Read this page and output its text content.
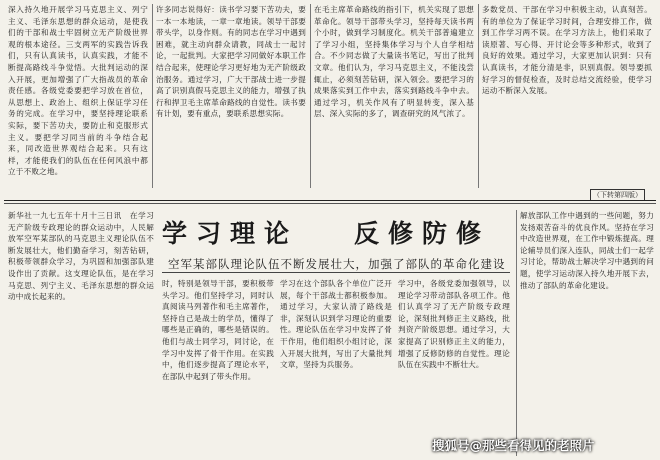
深入持久地开展学习马克思主义、列宁主义、毛泽东思想的群众运动，是使我们的干部和战士牢固树立无产阶级世界观的根本途径。三支两军的实践告诉我们，只有认真读书，认真实践，才能不断提高路线斗争觉悟。大批判运动的深入开展，更加增强了广大指战员的革命责任感。各级党委要把学习放在首位，从思想上、政治上、组织上保证学习任务的完成。在学习中，要坚持理论联系实际，要下苦功夫，要防止和克服形式主义。要把学习同当前的斗争结合起来，同改造世界观结合起来。只有这样，才能使我们的队伍在任何风浪中都立于不败之地。
许多同志说得好：读书学习要下苦功夫，要一本一本地读，一章一章地读。领导干部要带头学，以身作则。有的同志在学习中遇到困难，就主动向群众请教，同战士一起讨论，一起批判。大家把学习同做好本职工作结合起来，使理论学习更好地为无产阶级政治服务。通过学习，广大干部战士进一步提高了识别真假马克思主义的能力，增强了执行和捍卫毛主席革命路线的自觉性。读书要有计划，要有重点，要联系思想实际。
在毛主席革命路线的指引下，机关实现了思想革命化。领导干部带头学习，坚持每天读书两个小时，做到学习制度化。机关干部普遍建立了学习小组，坚持集体学习与个人自学相结合。不少同志做了大量读书笔记，写出了批判文章。他们认为，学习马克思主义，不能浅尝辄止，必须刻苦钻研，深入领会。要把学习的成果落实到工作中去，落实到路线斗争中去。通过学习，机关作风有了明显转变，深入基层、深入实际的多了，调查研究的风气浓了。
多数党员、干部在学习中积极主动，认真刻苦。有的单位为了保证学习时间，合理安排工作，做到工作学习两不误。在学习方法上，他们采取了读原著、写心得、开讨论会等多种形式，收到了良好的效果。通过学习，大家更加认识到：只有认真读书，才能分清是非，识别真假。领导要抓好学习的督促检查，及时总结交流经验，使学习运动不断深入发展。
（下转第四版）
新华社一九七五年十月十三日讯　在学习无产阶级专政理论的群众运动中，人民解放军空军某部队的马克思主义理论队伍不断发展壮大，他们勤奋学习，刻苦钻研，积极带领群众学习，为巩固和加强部队建设作出了贡献。这支理论队伍，是在学习马克思、列宁主义、毛泽东思想的群众运动中成长起来的。
学习理论 反修防修
空军某部队理论队伍不断发展壮大，加强了部队的革命化建设
时，特别是领导干部，要积极带头学习。他们坚持学习，同时认真阅读马列著作和毛主席著作，坚持自己是战士的学员，懂得了哪些是正确的，哪些是错误的。他们与战士同学习，同讨论，在学习中发挥了骨干作用。在实践中，他们逐步提高了理论水平，在部队中起到了带头作用。
学习在这个部队各个单位广泛开展，每个干部战士都积极参加。通过学习，大家认清了路线是非，深刻认识到学习理论的重要性。理论队伍在学习中发挥了骨干作用，他们组织小组讨论，深入开展大批判，写出了大量批判文章，坚持为兵服务。
学习中，各级党委加强领导，以理论学习带动部队各项工作。他们认真学习了无产阶级专政理论，深刻批判修正主义路线，批判资产阶级思想。通过学习，大家提高了识别修正主义的能力，增强了反修防修的自觉性。理论队伍在实践中不断壮大。
解放部队工作中遇到的一些问题，努力发扬艰苦奋斗的优良作风。坚持在学习中改造世界观，在工作中锻炼提高。理论辅导员们深入连队，同战士们一起学习讨论，帮助战士解决学习中遇到的问题，使学习运动深入持久地开展下去，推动了部队的革命化建设。
搜狐号@那些看得见的老照片
